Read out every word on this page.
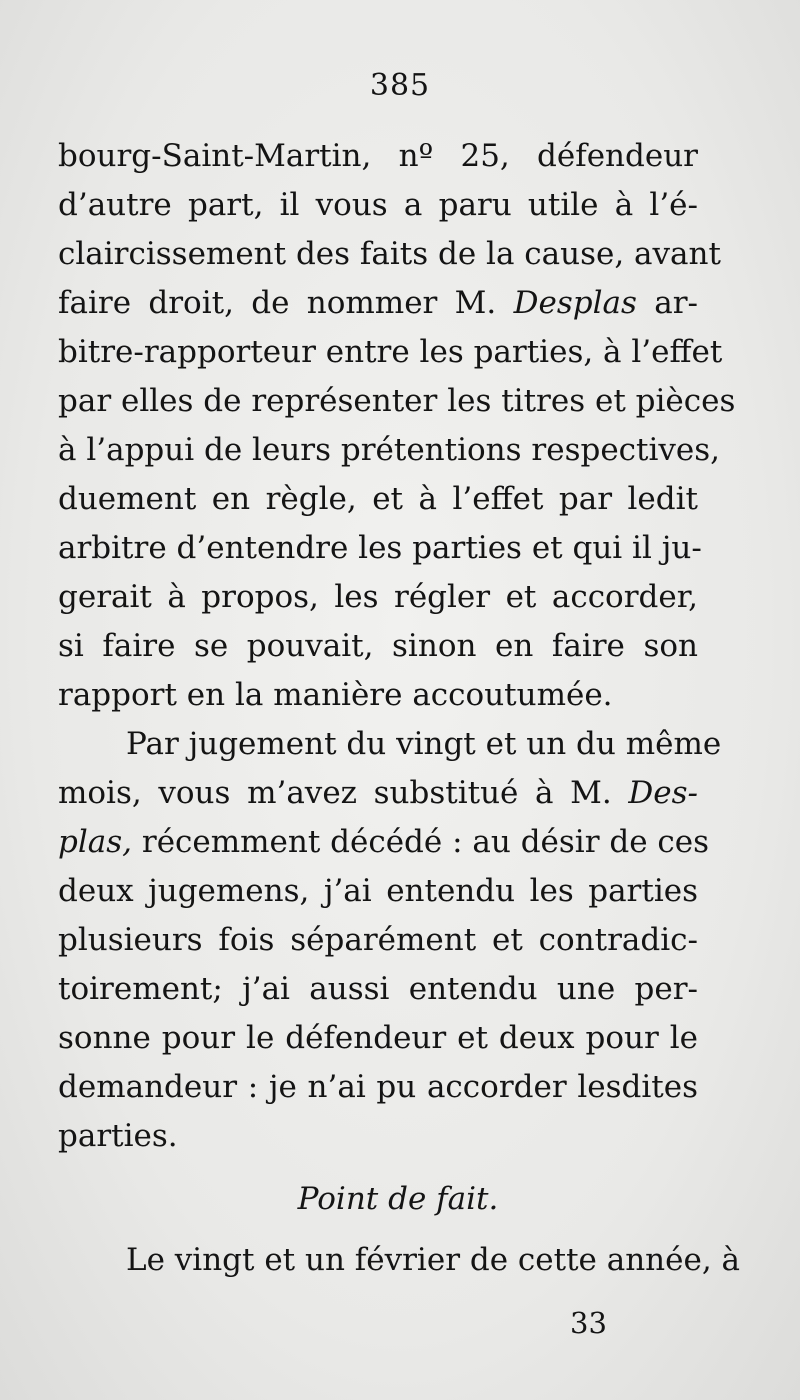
385
bourg-Saint-Martin, nº 25, défendeur
d’autre part, il vous a paru utile à l’é-
claircissement des faits de la cause, avant
faire droit, de nommer M. Desplas ar-
bitre-rapporteur entre les parties, à l’effet
par elles de représenter les titres et pièces
à l’appui de leurs prétentions respectives,
duement en règle, et à l’effet par ledit
arbitre d’entendre les parties et qui il ju-
gerait à propos, les régler et accorder,
si faire se pouvait, sinon en faire son
rapport en la manière accoutumée.
Par jugement du vingt et un du même
mois, vous m’avez substitué à M. Des-
plas, récemment décédé : au désir de ces
deux jugemens, j’ai entendu les parties
plusieurs fois séparément et contradic-
toirement; j’ai aussi entendu une per-
sonne pour le défendeur et deux pour le
demandeur : je n’ai pu accorder lesdites
parties.
Point de fait.
Le vingt et un février de cette année, à
33
